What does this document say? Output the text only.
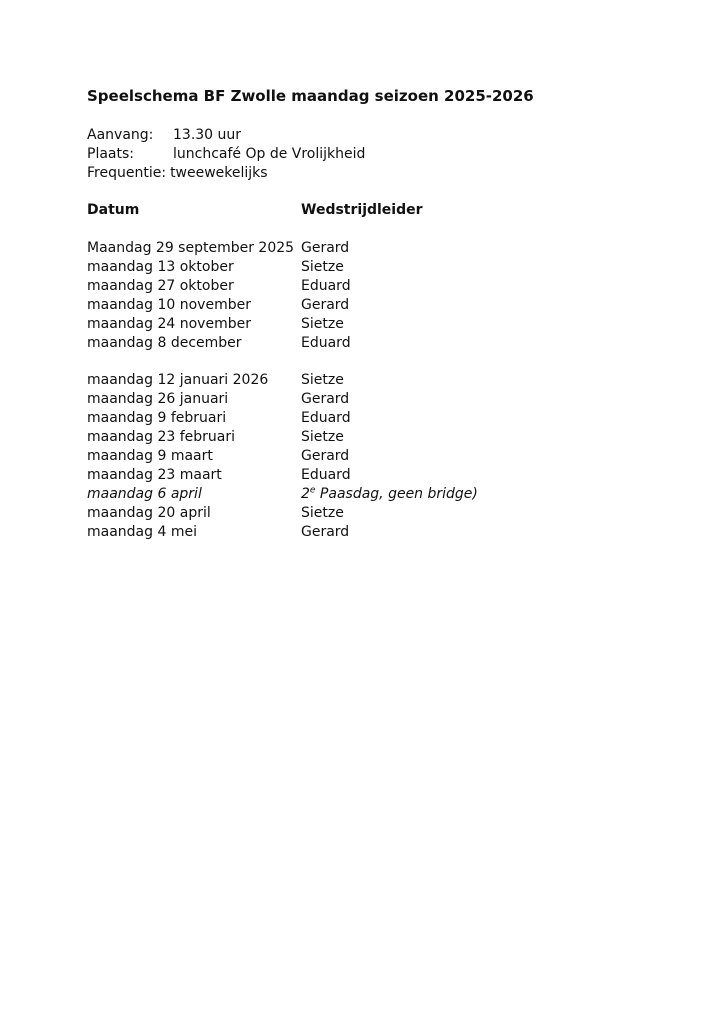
Speelschema BF Zwolle maandag seizoen 2025-2026
Aanvang: 13.30 uur
Plaats:	lunchcafé Op de Vrolijkheid
Frequentie: tweewekelijks
Datum	Wedstrijdleider
Maandag 29 september 2025 Gerard
maandag 13 oktober	Sietze
maandag 27 oktober	Eduard
maandag 10 november	Gerard
maandag 24 november	Sietze
maandag 8 december	Eduard
maandag 12 januari 2026 Sietze
maandag 26 januari	Gerard
maandag 9 februari	Eduard
maandag 23 februari	Sietze
maandag 9 maart	Gerard
maandag 23 maart	Eduard
maandag 6 april	2e Paasdag, geen bridge)
maandag 20 april	Sietze
maandag 4 mei	Gerard
